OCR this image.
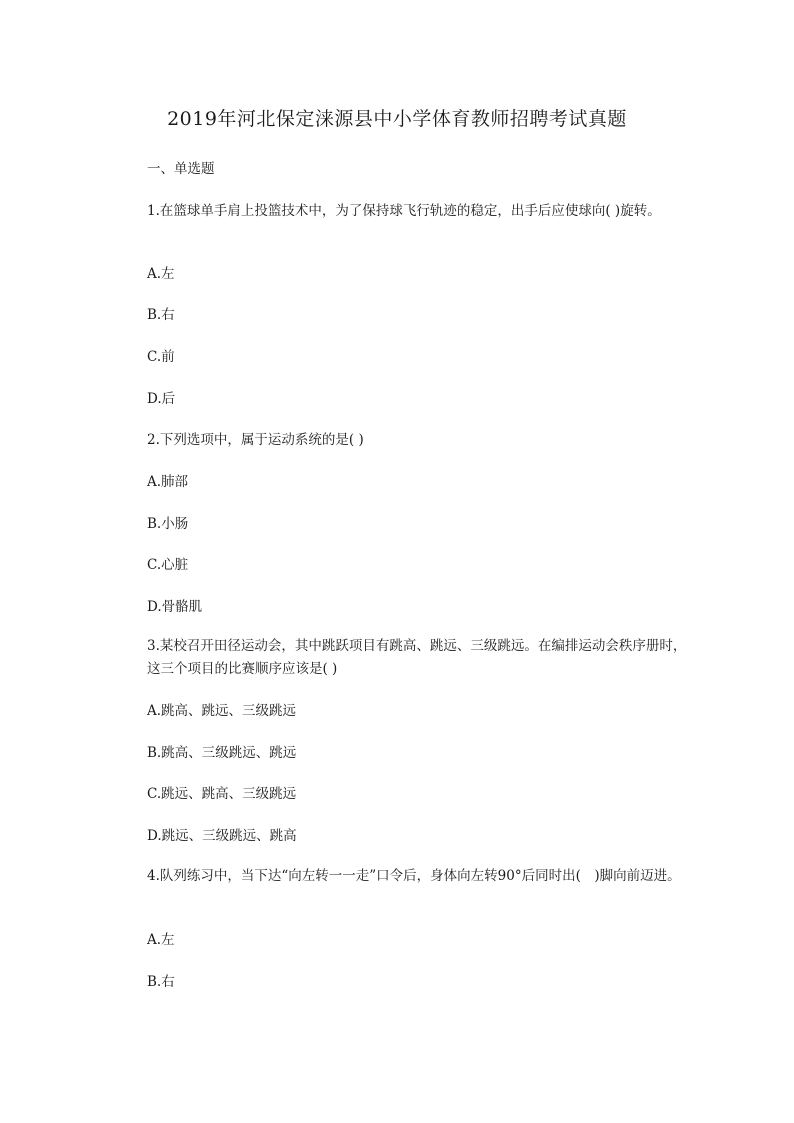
2019年河北保定涞源县中小学体育教师招聘考试真题
一、单选题
1.在篮球单手肩上投篮技术中，为了保持球飞行轨迹的稳定，出手后应使球向( )旋转。
A.左
B.右
C.前
D.后
2.下列选项中，属于运动系统的是( )
A.肺部
B.小肠
C.心脏
D.骨骼肌
3.某校召开田径运动会，其中跳跃项目有跳高、跳远、三级跳远。在编排运动会秩序册时，这三个项目的比赛顺序应该是( )
A.跳高、跳远、三级跳远
B.跳高、三级跳远、跳远
C.跳远、跳高、三级跳远
D.跳远、三级跳远、跳高
4.队列练习中，当下达“向左转一一走”口令后，身体向左转90°后同时出(　)脚向前迈进。
A.左
B.右
